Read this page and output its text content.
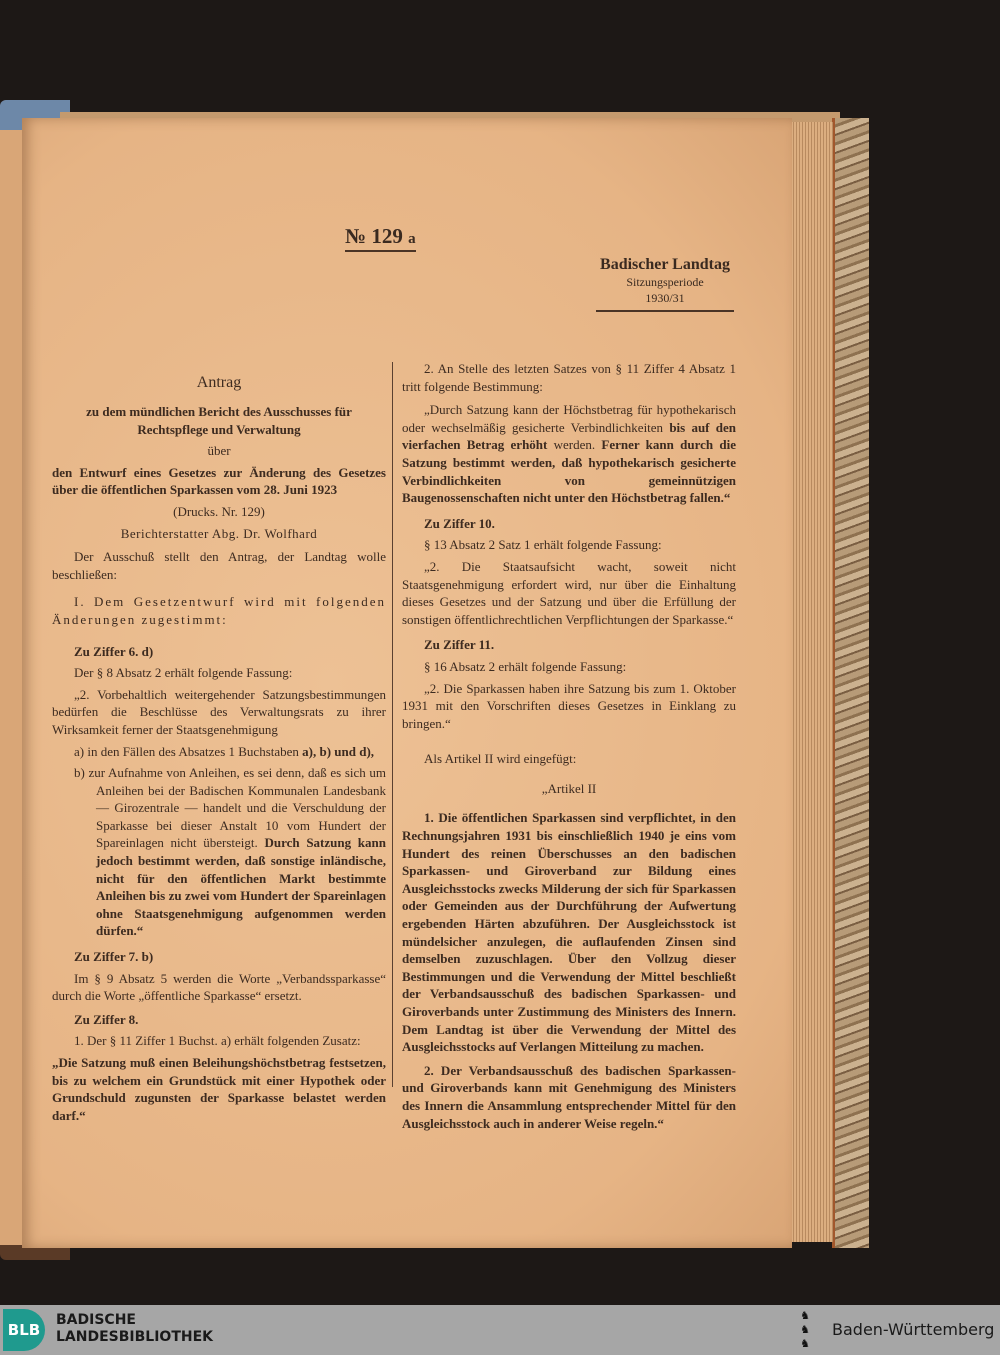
№ 129 a
Badischer Landtag
Sitzungsperiode
1930/31
Antrag
zu dem mündlichen Bericht des Ausschusses für Rechtspflege und Verwaltung
über
den Entwurf eines Gesetzes zur Änderung des Gesetzes über die öffentlichen Sparkassen vom 28. Juni 1923
(Drucks. Nr. 129)
Berichterstatter Abg. Dr. Wolfhard
Der Ausschuß stellt den Antrag, der Landtag wolle beschließen:
I. Dem Gesetzentwurf wird mit folgenden Änderungen zugestimmt:
Zu Ziffer 6. d)
Der § 8 Absatz 2 erhält folgende Fassung:
„2. Vorbehaltlich weitergehender Satzungsbestimmungen bedürfen die Beschlüsse des Verwaltungsrats zu ihrer Wirksamkeit ferner der Staatsgenehmigung
a) in den Fällen des Absatzes 1 Buchstaben a), b) und d),
b) zur Aufnahme von Anleihen, es sei denn, daß es sich um Anleihen bei der Badischen Kommunalen Landesbank — Girozentrale — handelt und die Verschuldung der Sparkasse bei dieser Anstalt 10 vom Hundert der Spareinlagen nicht übersteigt. Durch Satzung kann jedoch bestimmt werden, daß sonstige inländische, nicht für den öffentlichen Markt bestimmte Anleihen bis zu zwei vom Hundert der Spareinlagen ohne Staatsgenehmigung aufgenommen werden dürfen.“
Zu Ziffer 7. b)
Im § 9 Absatz 5 werden die Worte „Verbandssparkasse“ durch die Worte „öffentliche Sparkasse“ ersetzt.
Zu Ziffer 8.
1. Der § 11 Ziffer 1 Buchst. a) erhält folgenden Zusatz:
„Die Satzung muß einen Beleihungshöchstbetrag festsetzen, bis zu welchem ein Grundstück mit einer Hypothek oder Grundschuld zugunsten der Sparkasse belastet werden darf.“
2. An Stelle des letzten Satzes von § 11 Ziffer 4 Absatz 1 tritt folgende Bestimmung:
„Durch Satzung kann der Höchstbetrag für hypothekarisch oder wechselmäßig gesicherte Verbindlichkeiten bis auf den vierfachen Betrag erhöht werden. Ferner kann durch die Satzung bestimmt werden, daß hypothekarisch gesicherte Verbindlichkeiten von gemeinnützigen Baugenossenschaften nicht unter den Höchstbetrag fallen.“
Zu Ziffer 10.
§ 13 Absatz 2 Satz 1 erhält folgende Fassung:
„2. Die Staatsaufsicht wacht, soweit nicht Staatsgenehmigung erfordert wird, nur über die Einhaltung dieses Gesetzes und der Satzung und über die Erfüllung der sonstigen öffentlichrechtlichen Verpflichtungen der Sparkasse.“
Zu Ziffer 11.
§ 16 Absatz 2 erhält folgende Fassung:
„2. Die Sparkassen haben ihre Satzung bis zum 1. Oktober 1931 mit den Vorschriften dieses Gesetzes in Einklang zu bringen.“
Als Artikel II wird eingefügt:
„Artikel II
1. Die öffentlichen Sparkassen sind verpflichtet, in den Rechnungsjahren 1931 bis einschließlich 1940 je eins vom Hundert des reinen Überschusses an den badischen Sparkassen- und Giroverband zur Bildung eines Ausgleichsstocks zwecks Milderung der sich für Sparkassen oder Gemeinden aus der Durchführung der Aufwertung ergebenden Härten abzuführen. Der Ausgleichsstock ist mündelsicher anzulegen, die auflaufenden Zinsen sind demselben zuzuschlagen. Über den Vollzug dieser Bestimmungen und die Verwendung der Mittel beschließt der Verbandsausschuß des badischen Sparkassen- und Giroverbands unter Zustimmung des Ministers des Innern. Dem Landtag ist über die Verwendung der Mittel des Ausgleichsstocks auf Verlangen Mitteilung zu machen.
2. Der Verbandsausschuß des badischen Sparkassen- und Giroverbands kann mit Genehmigung des Ministers des Innern die Ansammlung entsprechender Mittel für den Ausgleichsstock auch in anderer Weise regeln.“
BLB
BADISCHE
LANDESBIBLIOTHEK
♞
♞
♞
Baden-Württemberg
